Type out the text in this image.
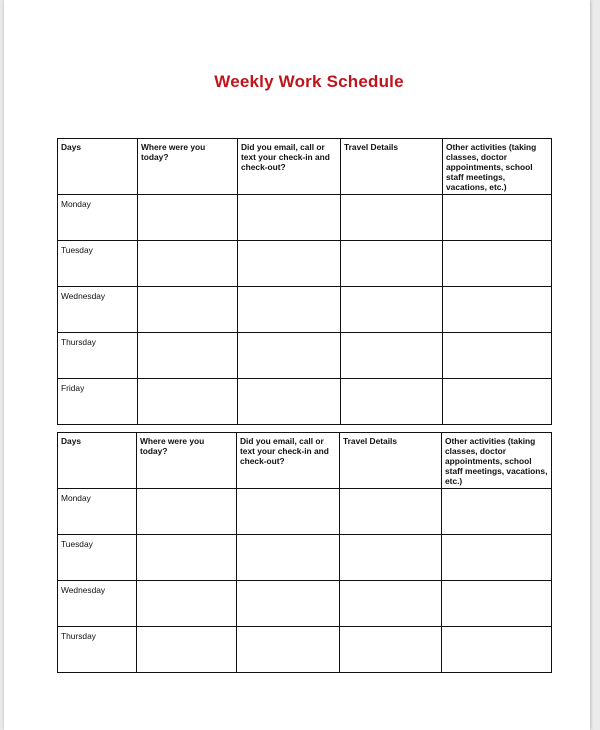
Weekly Work Schedule
Days	Where were you today?	Did you email, call or text your check-in and check-out?	Travel Details	Other activities (taking classes, doctor appointments, school staff meetings, vacations, etc.)

Monday				

Tuesday				

Wednesday				

Thursday				

Friday				

Days	Where were you today?	Did you email, call or text your check-in and check-out?	Travel Details	Other activities (taking classes, doctor appointments, school staff meetings, vacations, etc.)

Monday				

Tuesday				

Wednesday				

Thursday				
